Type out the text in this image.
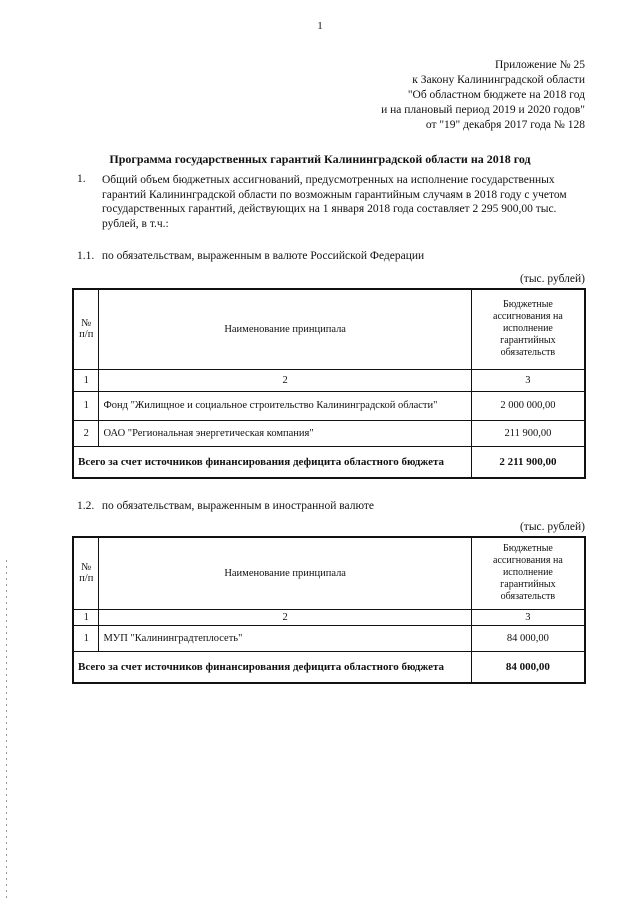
1
Приложение № 25
к Закону Калининградской области
"Об областном бюджете на 2018 год
и на плановый период 2019 и 2020 годов"
от "19" декабря 2017 года № 128
Программа государственных гарантий Калининградской области на 2018 год
1. Общий объем бюджетных ассигнований, предусмотренных на исполнение государственных гарантий Калининградской области по возможным гарантийным случаям в 2018 году с учетом государственных гарантий, действующих на 1 января 2018 года составляет 2 295 900,00 тыс. рублей, в т.ч.:
1.1. по обязательствам, выраженным в валюте Российской Федерации
(тыс. рублей)
№ п/п	Наименование принципала	Бюджетные ассигнования на исполнение гарантийных обязательств
1	2	3
1	Фонд "Жилищное и социальное строительство Калининградской области"	2 000 000,00
2	ОАО "Региональная энергетическая компания"	211 900,00
Всего за счет источников финансирования дефицита областного бюджета		2 211 900,00
1.2. по обязательствам, выраженным в иностранной валюте
(тыс. рублей)
№ п/п	Наименование принципала	Бюджетные ассигнования на исполнение гарантийных обязательств
1	2	3
1	МУП "Калининградтеплосеть"	84 000,00
Всего за счет источников финансирования дефицита областного бюджета		84 000,00
